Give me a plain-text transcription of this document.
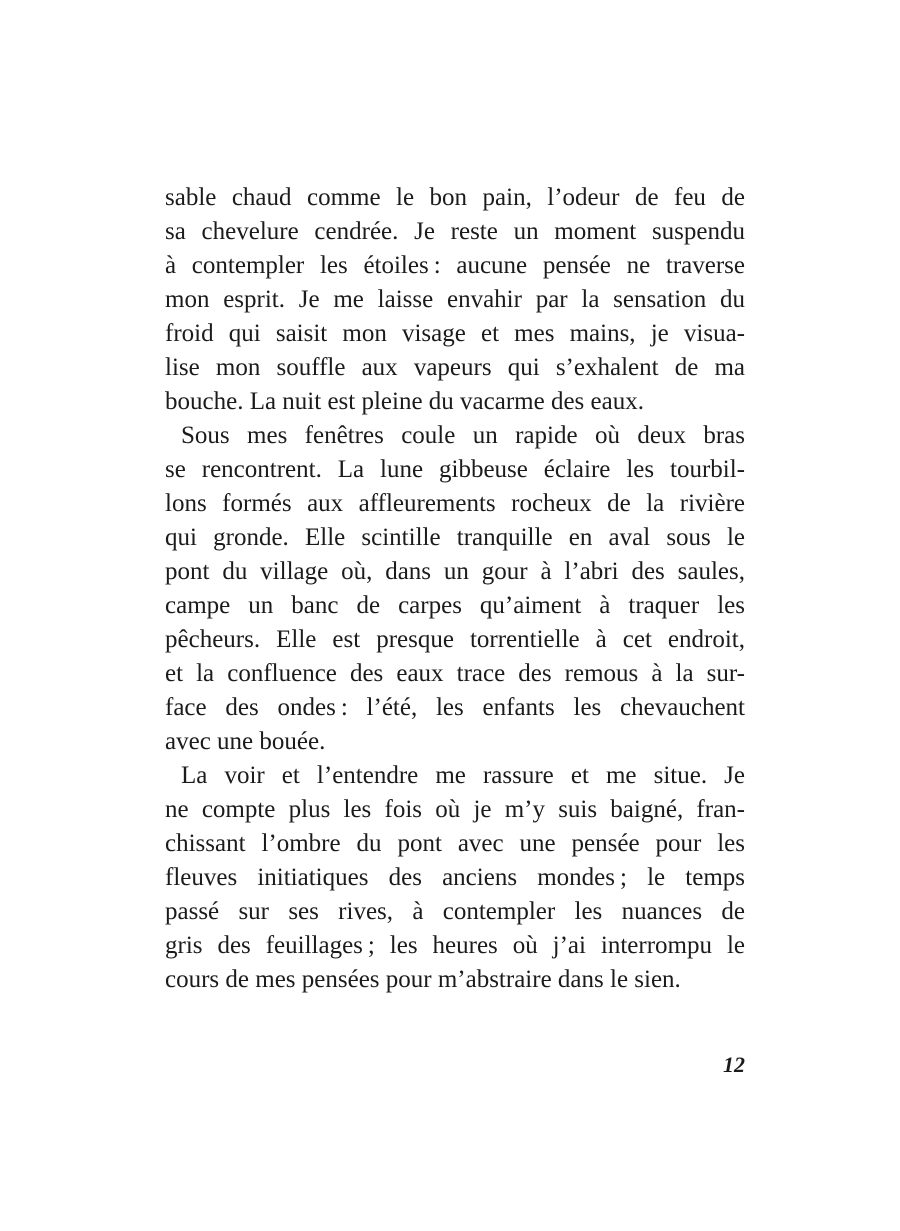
sable chaud comme le bon pain, l’odeur de feu de
sa chevelure cendrée. Je reste un moment suspendu
à contempler les étoiles : aucune pensée ne traverse
mon esprit. Je me laisse envahir par la sensation du
froid qui saisit mon visage et mes mains, je visua-
lise mon souffle aux vapeurs qui s’exhalent de ma
bouche. La nuit est pleine du vacarme des eaux.
Sous mes fenêtres coule un rapide où deux bras
se rencontrent. La lune gibbeuse éclaire les tourbil-
lons formés aux affleurements rocheux de la rivière
qui gronde. Elle scintille tranquille en aval sous le
pont du village où, dans un gour à l’abri des saules,
campe un banc de carpes qu’aiment à traquer les
pêcheurs. Elle est presque torrentielle à cet endroit,
et la confluence des eaux trace des remous à la sur-
face des ondes : l’été, les enfants les chevauchent
avec une bouée.
La voir et l’entendre me rassure et me situe. Je
ne compte plus les fois où je m’y suis baigné, fran-
chissant l’ombre du pont avec une pensée pour les
fleuves initiatiques des anciens mondes ; le temps
passé sur ses rives, à contempler les nuances de
gris des feuillages ; les heures où j’ai interrompu le
cours de mes pensées pour m’abstraire dans le sien.
12
